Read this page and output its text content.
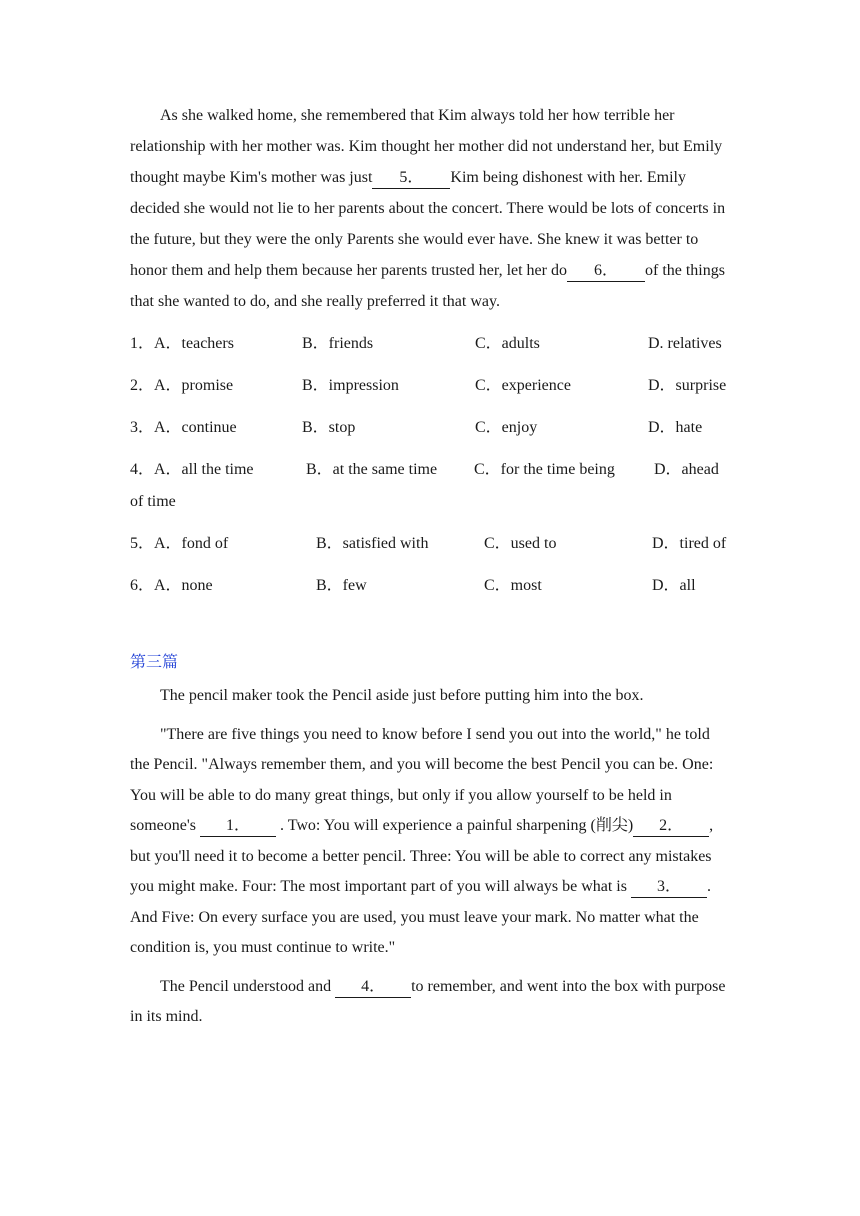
As she walked home, she remembered that Kim always told her how terrible her relationship with her mother was. Kim thought her mother did not understand her, but Emily thought maybe Kim's mother was just 5． Kim being dishonest with her. Emily decided she would not lie to her parents about the concert. There would be lots of concerts in the future, but they were the only Parents she would ever have. She knew it was better to honor them and help them because her parents trusted her, let her do 6． of the things that she wanted to do, and she really preferred it that way.

1． A．teachers	B．friends	C．adults	D. relatives
2． A．promise	B．impression	C．experience	D．surprise
3． A．continue	B．stop	C．enjoy	D．hate
4． A．all the time	B．at the same time C．for the time being D．ahead
of time
5． A．fond of	B．satisfied with	C．used to	D．tired of
6． A．none	B．few	C．most	D．all
第三篇

The pencil maker took the Pencil aside just before putting him into the box.

"There are five things you need to know before I send you out into the world," he told the Pencil. "Always remember them, and you will become the best Pencil you can be. One: You will be able to do many great things, but only if you allow yourself to be held in someone's 1． . Two: You will experience a painful sharpening (削尖) 2． , but you'll need it to become a better pencil. Three: You will be able to correct any mistakes you might make. Four: The most important part of you will always be what is 3． . And Five: On every surface you are used, you must leave your mark. No matter what the condition is, you must continue to write."

The Pencil understood and 4． to remember, and went into the box with purpose in its mind.
